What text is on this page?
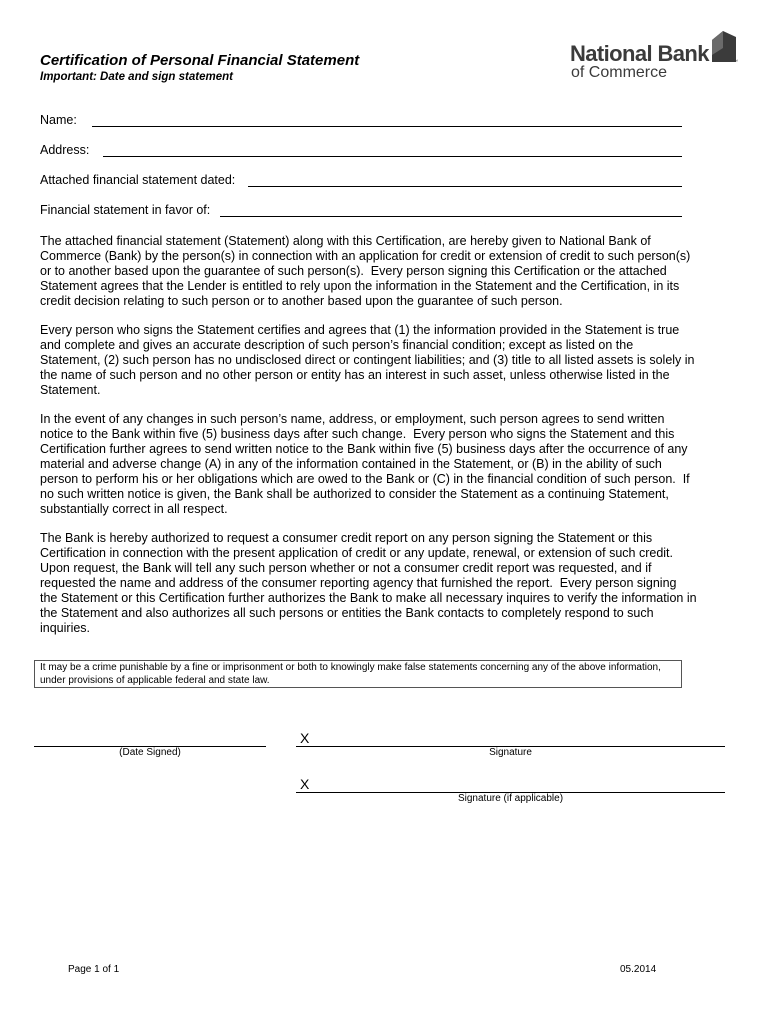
Certification of Personal Financial Statement
Important: Date and sign statement
National Bank	™
of Commerce
Name:
Address:
Attached financial statement dated:
Financial statement in favor of:
The attached financial statement (Statement) along with this Certification, are hereby given to National Bank of
Commerce (Bank) by the person(s) in connection with an application for credit or extension of credit to such person(s)
or to another based upon the guarantee of such person(s).  Every person signing this Certification or the attached
Statement agrees that the Lender is entitled to rely upon the information in the Statement and the Certification, in its
credit decision relating to such person or to another based upon the guarantee of such person.
Every person who signs the Statement certifies and agrees that (1) the information provided in the Statement is true
and complete and gives an accurate description of such person’s financial condition; except as listed on the
Statement, (2) such person has no undisclosed direct or contingent liabilities; and (3) title to all listed assets is solely in
the name of such person and no other person or entity has an interest in such asset, unless otherwise listed in the
Statement.
In the event of any changes in such person’s name, address, or employment, such person agrees to send written
notice to the Bank within five (5) business days after such change.  Every person who signs the Statement and this
Certification further agrees to send written notice to the Bank within five (5) business days after the occurrence of any
material and adverse change (A) in any of the information contained in the Statement, or (B) in the ability of such
person to perform his or her obligations which are owed to the Bank or (C) in the financial condition of such person.  If
no such written notice is given, the Bank shall be authorized to consider the Statement as a continuing Statement,
substantially correct in all respect.
The Bank is hereby authorized to request a consumer credit report on any person signing the Statement or this
Certification in connection with the present application of credit or any update, renewal, or extension of such credit.
Upon request, the Bank will tell any such person whether or not a consumer credit report was requested, and if
requested the name and address of the consumer reporting agency that furnished the report.  Every person signing
the Statement or this Certification further authorizes the Bank to make all necessary inquires to verify the information in
the Statement and also authorizes all such persons or entities the Bank contacts to completely respond to such
inquiries.
It may be a crime punishable by a fine or imprisonment or both to knowingly make false statements concerning any of the above information,
under provisions of applicable federal and state law.
(Date Signed)
X
Signature
X
Signature (if applicable)
Page 1 of 1	05.2014
